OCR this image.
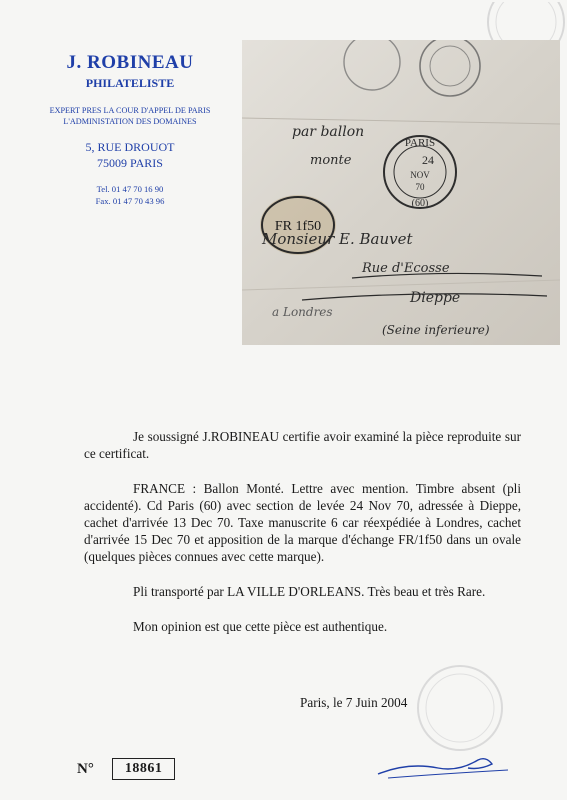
J. ROBINEAU
PHILATELISTE
EXPERT PRES LA COUR D'APPEL DE PARIS
L'ADMINISTATION DES DOMAINES
5, RUE DROUOT
75009 PARIS
Tel. 01 47 70 16 90
Fax. 01 47 70 43 96
PARIS
24
NOV
70
(60)
FR 1f50
par ballon
monte
Monsieur E. Bauvet
Rue d'Ecosse
Dieppe
a Londres
(Seine inferieure)

Je soussigné J.ROBINEAU certifie avoir examiné la pièce reproduite sur ce certificat.

FRANCE : Ballon Monté. Lettre avec mention. Timbre absent (pli accidenté). Cd Paris (60) avec section de levée 24 Nov 70, adressée à Dieppe, cachet d'arrivée 13 Dec 70. Taxe manuscrite 6 car réexpédiée à Londres, cachet d'arrivée 15 Dec 70 et apposition de la marque d'échange FR/1f50 dans un ovale (quelques pièces connues avec cette marque).

Pli transporté par LA VILLE D'ORLEANS. Très beau et très Rare.

Mon opinion est que cette pièce est authentique.

Paris, le 7 Juin 2004
N°	18861
